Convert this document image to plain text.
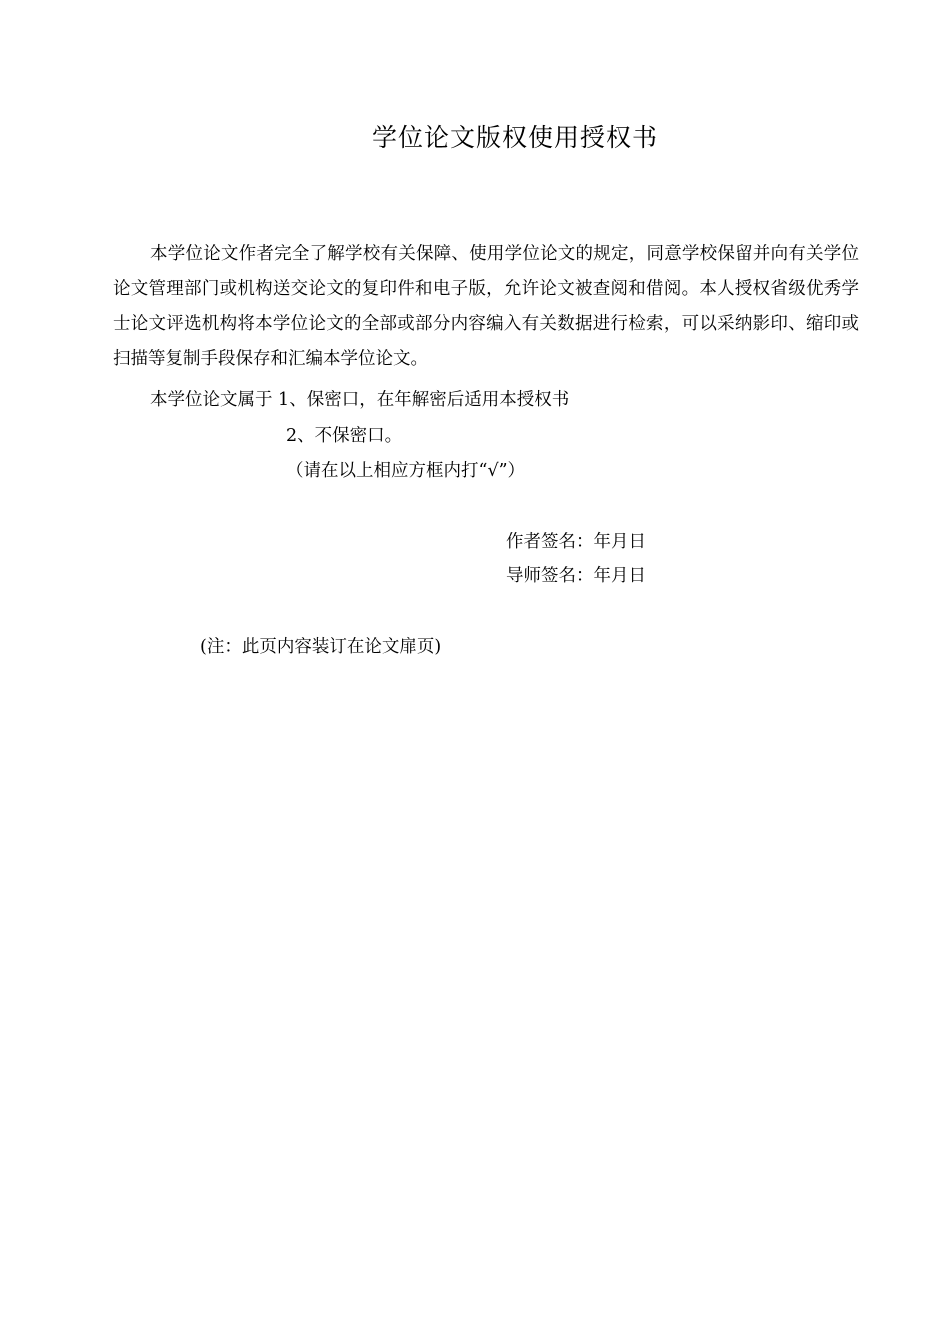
学位论文版权使用授权书

本学位论文作者完全了解学校有关保障、使用学位论文的规定，同意学校保留并向有关学位论文管理部门或机构送交论文的复印件和电子版，允许论文被查阅和借阅。本人授权省级优秀学士论文评选机构将本学位论文的全部或部分内容编入有关数据进行检索，可以采纳影印、缩印或扫描等复制手段保存和汇编本学位论文。

本学位论文属于 1、保密口，在年解密后适用本授权书

2、不保密口。

（请在以上相应方框内打“√”）

作者签名：年月日

导师签名：年月日

(注：此页内容装订在论文扉页)
